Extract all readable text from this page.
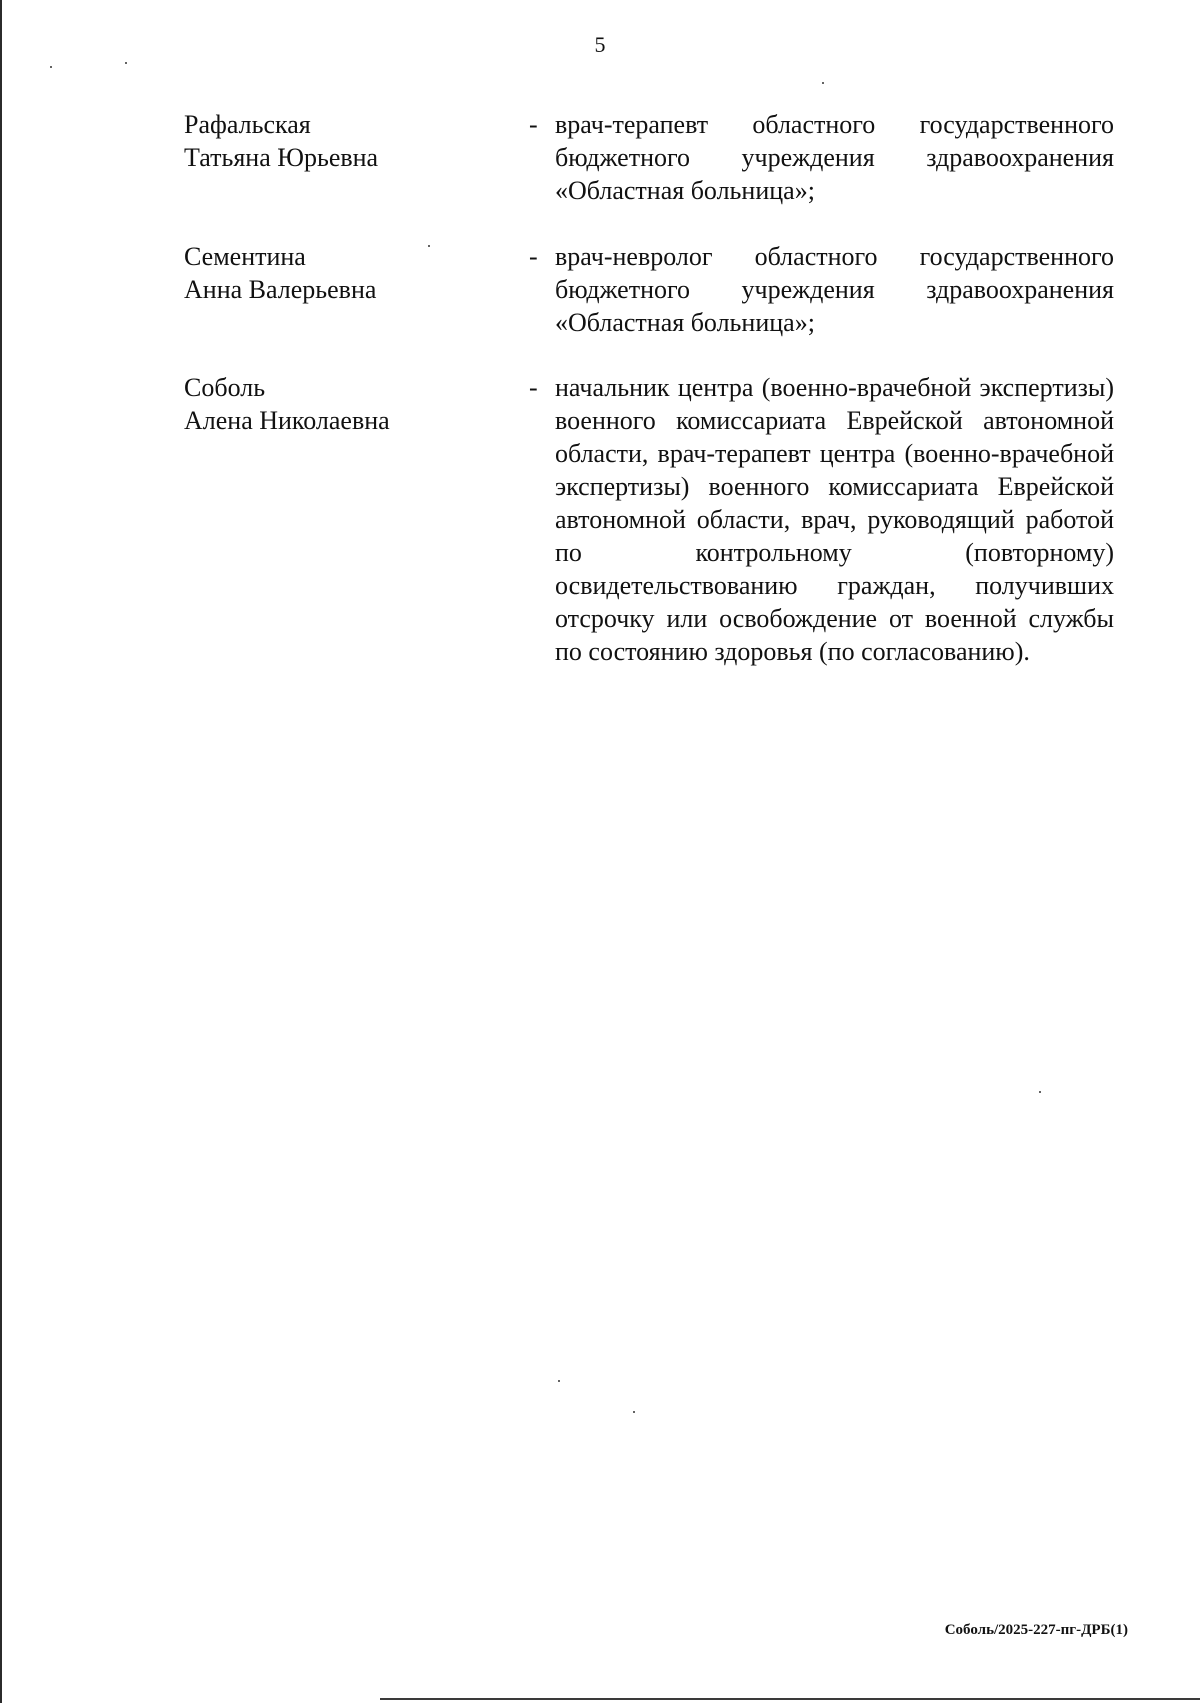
5
Рафальская
Татьяна Юрьевна
- врач-терапевт областного государственного бюджетного учреждения здравоохранения «Областная больница»;
Сементина
Анна Валерьевна
- врач-невролог областного государственного бюджетного учреждения здравоохранения «Областная больница»;
Соболь
Алена Николаевна
- начальник центра (военно-врачебной экспертизы) военного комиссариата Еврейской автономной области, врач-терапевт центра (военно-врачебной экспертизы) военного комиссариата Еврейской автономной области, врач, руководящий работой по контрольному (повторному) освидетельствованию граждан, получивших отсрочку или освобождение от военной службы по состоянию здоровья (по согласованию).
Соболь/2025-227-пг-ДРБ(1)
